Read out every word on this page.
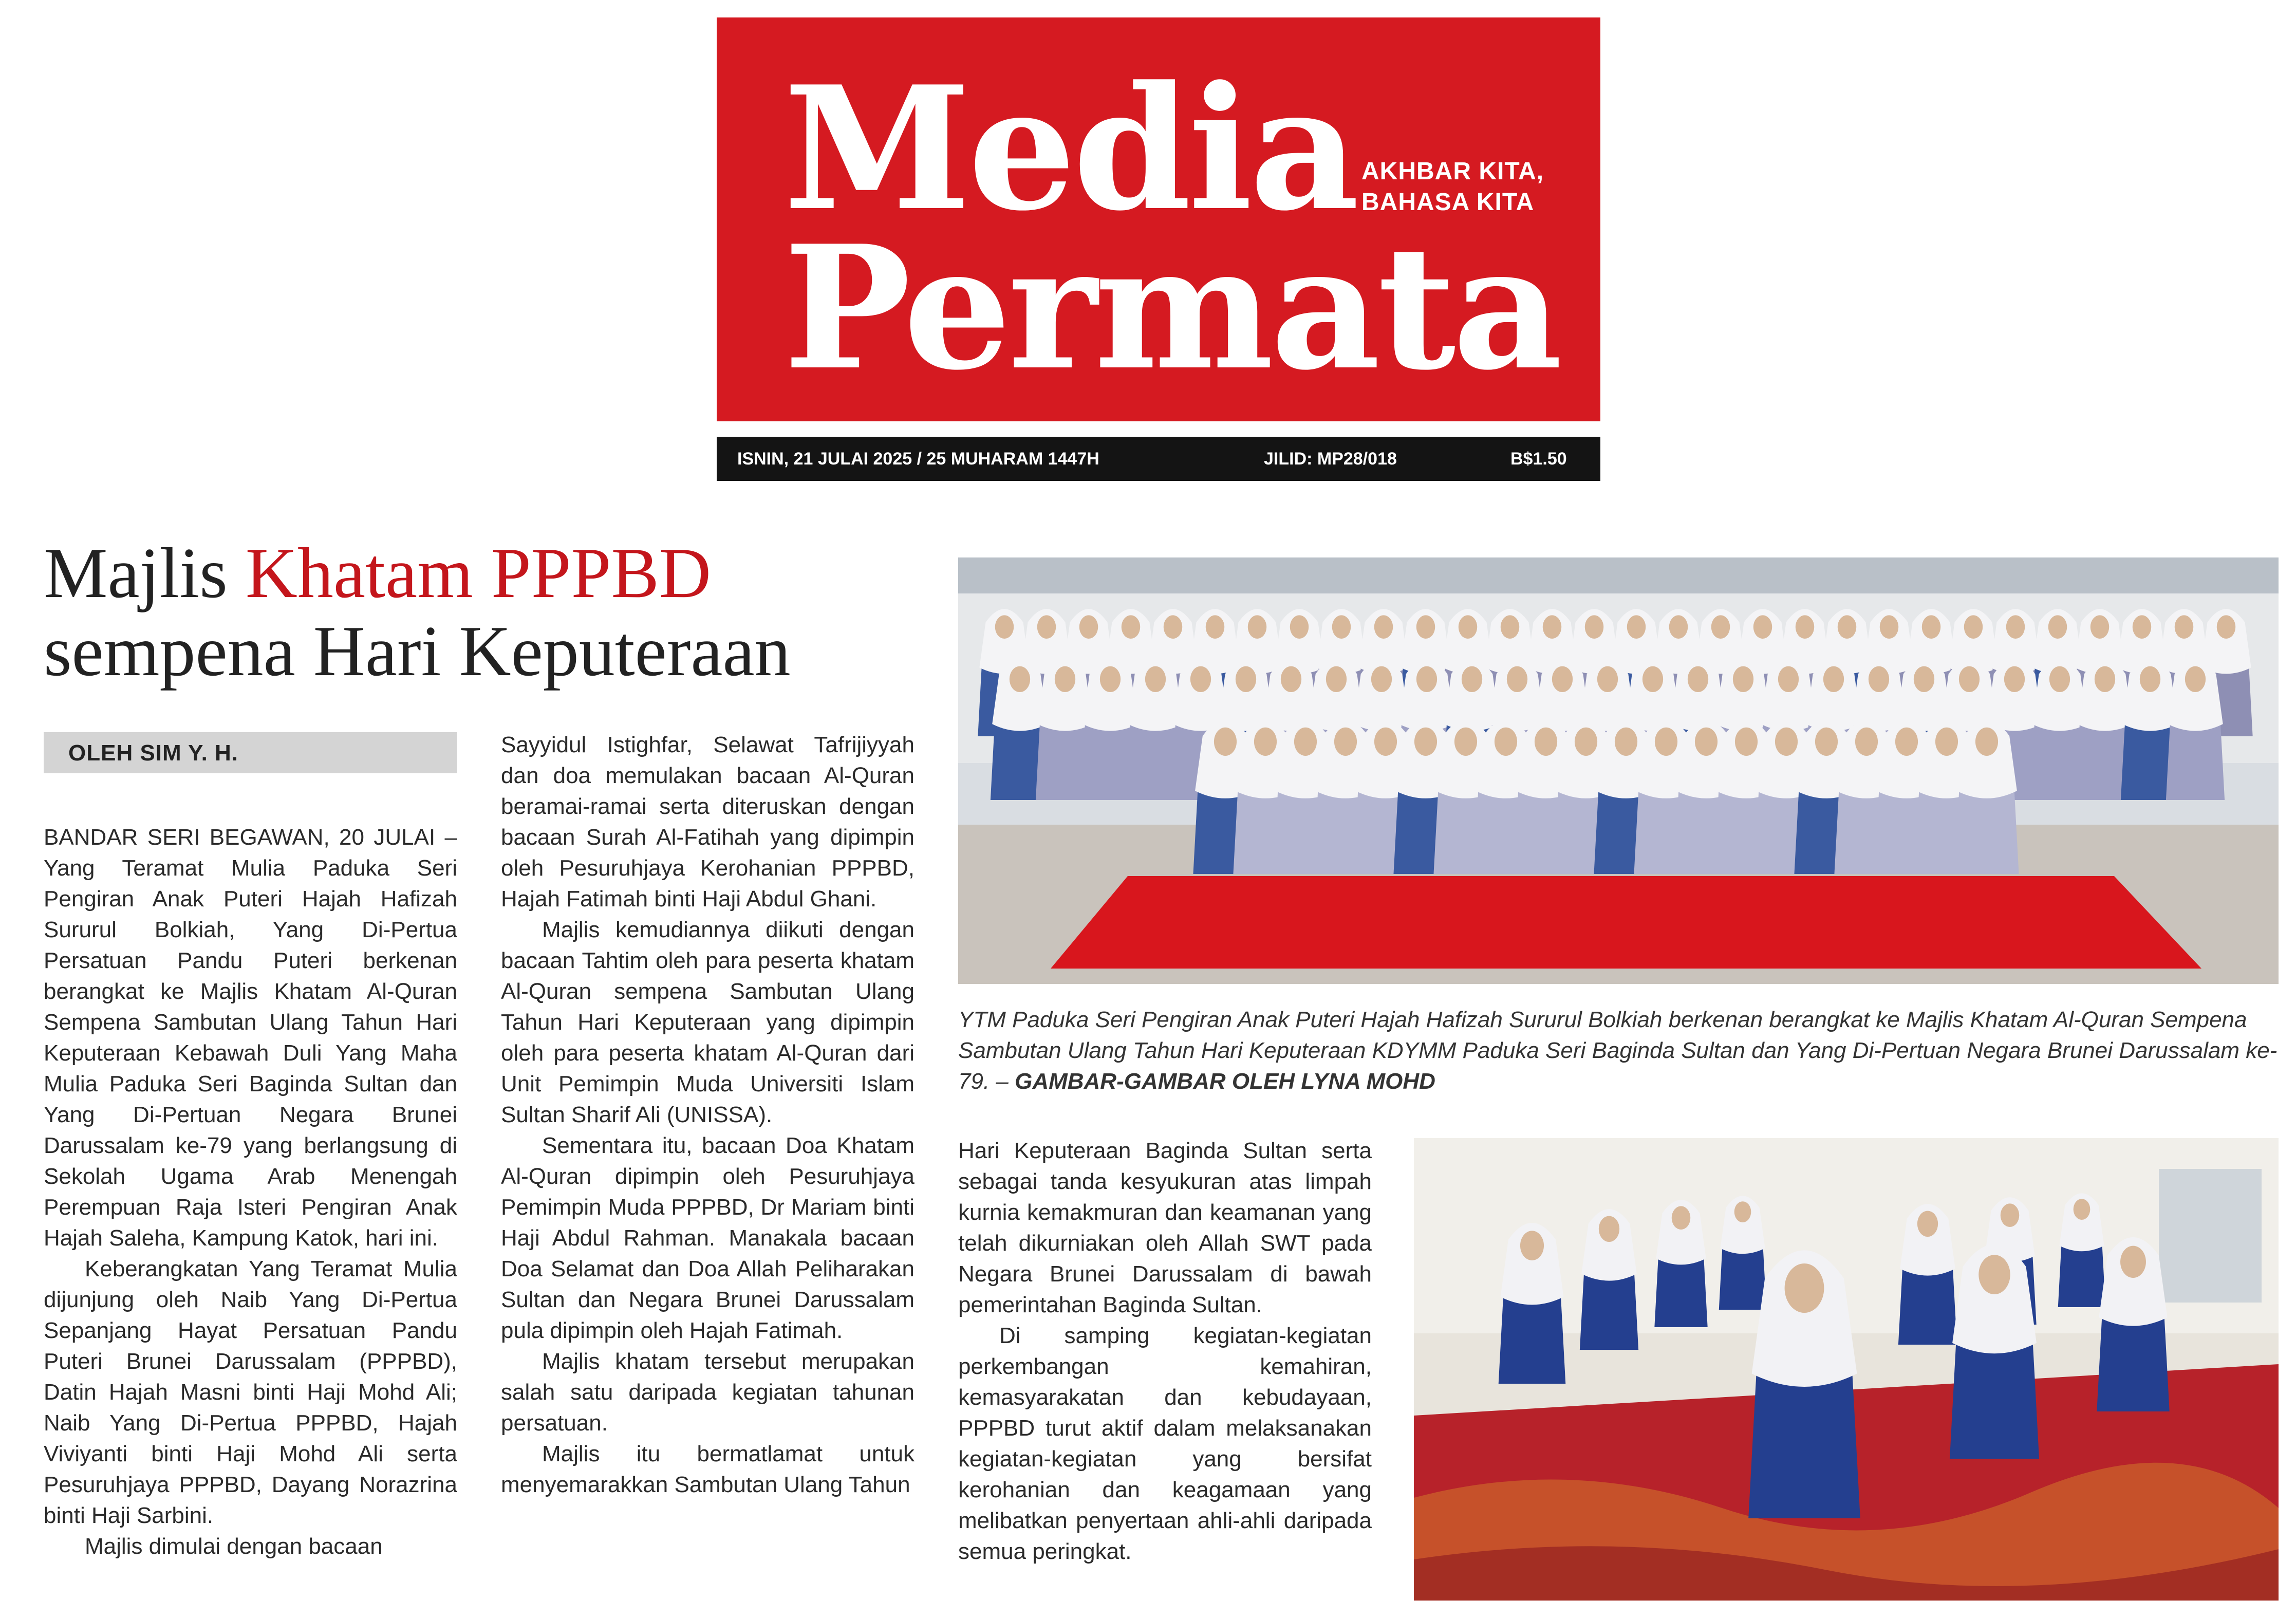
Media
Permata
AKHBAR KITA,
BAHASA KITA
ISNIN, 21 JULAI 2025 / 25 MUHARAM 1447H	JILID: MP28/018	B$1.50
Majlis Khatam PPPBD
sempena Hari Keputeraan
OLEH SIM Y. H.

BANDAR SERI BEGAWAN, 20 JULAI – Yang Teramat Mulia Paduka Seri Pengiran Anak Puteri Hajah Hafizah Sururul Bolkiah, Yang Di-Pertua Persatuan Pandu Puteri berkenan berangkat ke Majlis Khatam Al-Quran Sempena Sambutan Ulang Tahun Hari Keputeraan Kebawah Duli Yang Maha Mulia Paduka Seri Baginda Sultan dan Yang Di-Pertuan Negara Brunei Darussalam ke-79 yang berlangsung di Sekolah Ugama Arab Menengah Perempuan Raja Isteri Pengiran Anak Hajah Saleha, Kampung Katok, hari ini.

Keberangkatan Yang Teramat Mulia dijunjung oleh Naib Yang Di-Pertua Sepanjang Hayat Persatuan Pandu Puteri Brunei Darussalam (PPPBD), Datin Hajah Masni binti Haji Mohd Ali; Naib Yang Di-Pertua PPPBD, Hajah Viviyanti binti Haji Mohd Ali serta Pesuruhjaya PPPBD, Dayang Norazrina binti Haji Sarbini.

Majlis dimulai dengan bacaan

Sayyidul Istighfar, Selawat Tafrijiyyah dan doa memulakan bacaan Al-Quran beramai-ramai serta diteruskan dengan bacaan Surah Al-Fatihah yang dipimpin oleh Pesuruhjaya Kerohanian PPPBD, Hajah Fatimah binti Haji Abdul Ghani.

Majlis kemudiannya diikuti dengan bacaan Tahtim oleh para peserta khatam Al-Quran sempena Sambutan Ulang Tahun Hari Keputeraan yang dipimpin oleh para peserta khatam Al-Quran dari Unit Pemimpin Muda Universiti Islam Sultan Sharif Ali (UNISSA).

Sementara itu, bacaan Doa Khatam Al-Quran dipimpin oleh Pesuruhjaya Pemimpin Muda PPPBD, Dr Mariam binti Haji Abdul Rahman. Manakala bacaan Doa Selamat dan Doa Allah Peliharakan Sultan dan Negara Brunei Darussalam pula dipimpin oleh Hajah Fatimah.

Majlis khatam tersebut merupakan salah satu daripada kegiatan tahunan persatuan.

Majlis itu bermatlamat untuk menyemarakkan Sambutan Ulang Tahun

YTM Paduka Seri Pengiran Anak Puteri Hajah Hafizah Sururul Bolkiah berkenan berangkat ke Majlis Khatam Al-Quran Sempena Sambutan Ulang Tahun Hari Keputeraan KDYMM Paduka Seri Baginda Sultan dan Yang Di-Pertuan Negara Brunei Darussalam ke-79. – GAMBAR-GAMBAR OLEH LYNA MOHD

Hari Keputeraan Baginda Sultan serta sebagai tanda kesyukuran atas limpah kurnia kemakmuran dan keamanan yang telah dikurniakan oleh Allah SWT pada Negara Brunei Darussalam di bawah pemerintahan Baginda Sultan.

Di samping kegiatan-kegiatan perkembangan kemahiran, kemasyarakatan dan kebudayaan, PPPBD turut aktif dalam melaksanakan kegiatan-kegiatan yang bersifat kerohanian dan keagamaan yang melibatkan penyertaan ahli-ahli daripada semua peringkat.
